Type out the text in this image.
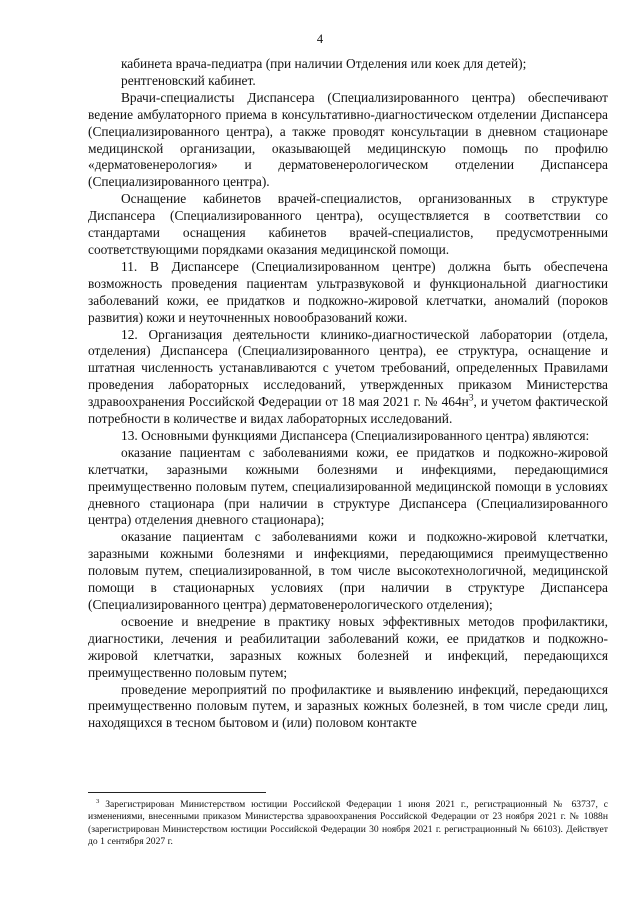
4

кабинета врача-педиатра (при наличии Отделения или коек для детей);

рентгеновский кабинет.

Врачи-специалисты Диспансера (Специализированного центра) обеспечивают ведение амбулаторного приема в консультативно-диагностическом отделении Диспансера (Специализированного центра), а также проводят консультации в дневном стационаре медицинской организации, оказывающей медицинскую помощь по профилю «дерматовенерология» и дерматовенерологическом отделении Диспансера (Специализированного центра).

Оснащение кабинетов врачей-специалистов, организованных в структуре Диспансера (Специализированного центра), осуществляется в соответствии со стандартами оснащения кабинетов врачей-специалистов, предусмотренными соответствующими порядками оказания медицинской помощи.

11. В Диспансере (Специализированном центре) должна быть обеспечена возможность проведения пациентам ультразвуковой и функциональной диагностики заболеваний кожи, ее придатков и подкожно-жировой клетчатки, аномалий (пороков развития) кожи и неуточненных новообразований кожи.

12. Организация деятельности клинико-диагностической лаборатории (отдела, отделения) Диспансера (Специализированного центра), ее структура, оснащение и штатная численность устанавливаются с учетом требований, определенных Правилами проведения лабораторных исследований, утвержденных приказом Министерства здравоохранения Российской Федерации от 18 мая 2021 г. № $464н^3$, и учетом фактической потребности в количестве и видах лабораторных исследований.

13. Основными функциями Диспансера (Специализированного центра) являются:

оказание пациентам с заболеваниями кожи, ее придатков и подкожно-жировой клетчатки, заразными кожными болезнями и инфекциями, передающимися преимущественно половым путем, специализированной медицинской помощи в условиях дневного стационара (при наличии в структуре Диспансера (Специализированного центра) отделения дневного стационара);

оказание пациентам с заболеваниями кожи и подкожно-жировой клетчатки, заразными кожными болезнями и инфекциями, передающимися преимущественно половым путем, специализированной, в том числе высокотехнологичной, медицинской помощи в стационарных условиях (при наличии в структуре Диспансера (Специализированного центра) дерматовенерологического отделения);

освоение и внедрение в практику новых эффективных методов профилактики, диагностики, лечения и реабилитации заболеваний кожи, ее придатков и подкожно-жировой клетчатки, заразных кожных болезней и инфекций, передающихся преимущественно половым путем;

проведение мероприятий по профилактике и выявлению инфекций, передающихся преимущественно половым путем, и заразных кожных болезней, в том числе среди лиц, находящихся в тесном бытовом и (или) половом контакте

$^3$ Зарегистрирован Министерством юстиции Российской Федерации 1 июня 2021 г., регистрационный № 63737, с изменениями, внесенными приказом Министерства здравоохранения Российской Федерации от 23 ноября 2021 г. № 1088н (зарегистрирован Министерством юстиции Российской Федерации 30 ноября 2021 г. регистрационный № 66103). Действует до 1 сентября 2027 г.
